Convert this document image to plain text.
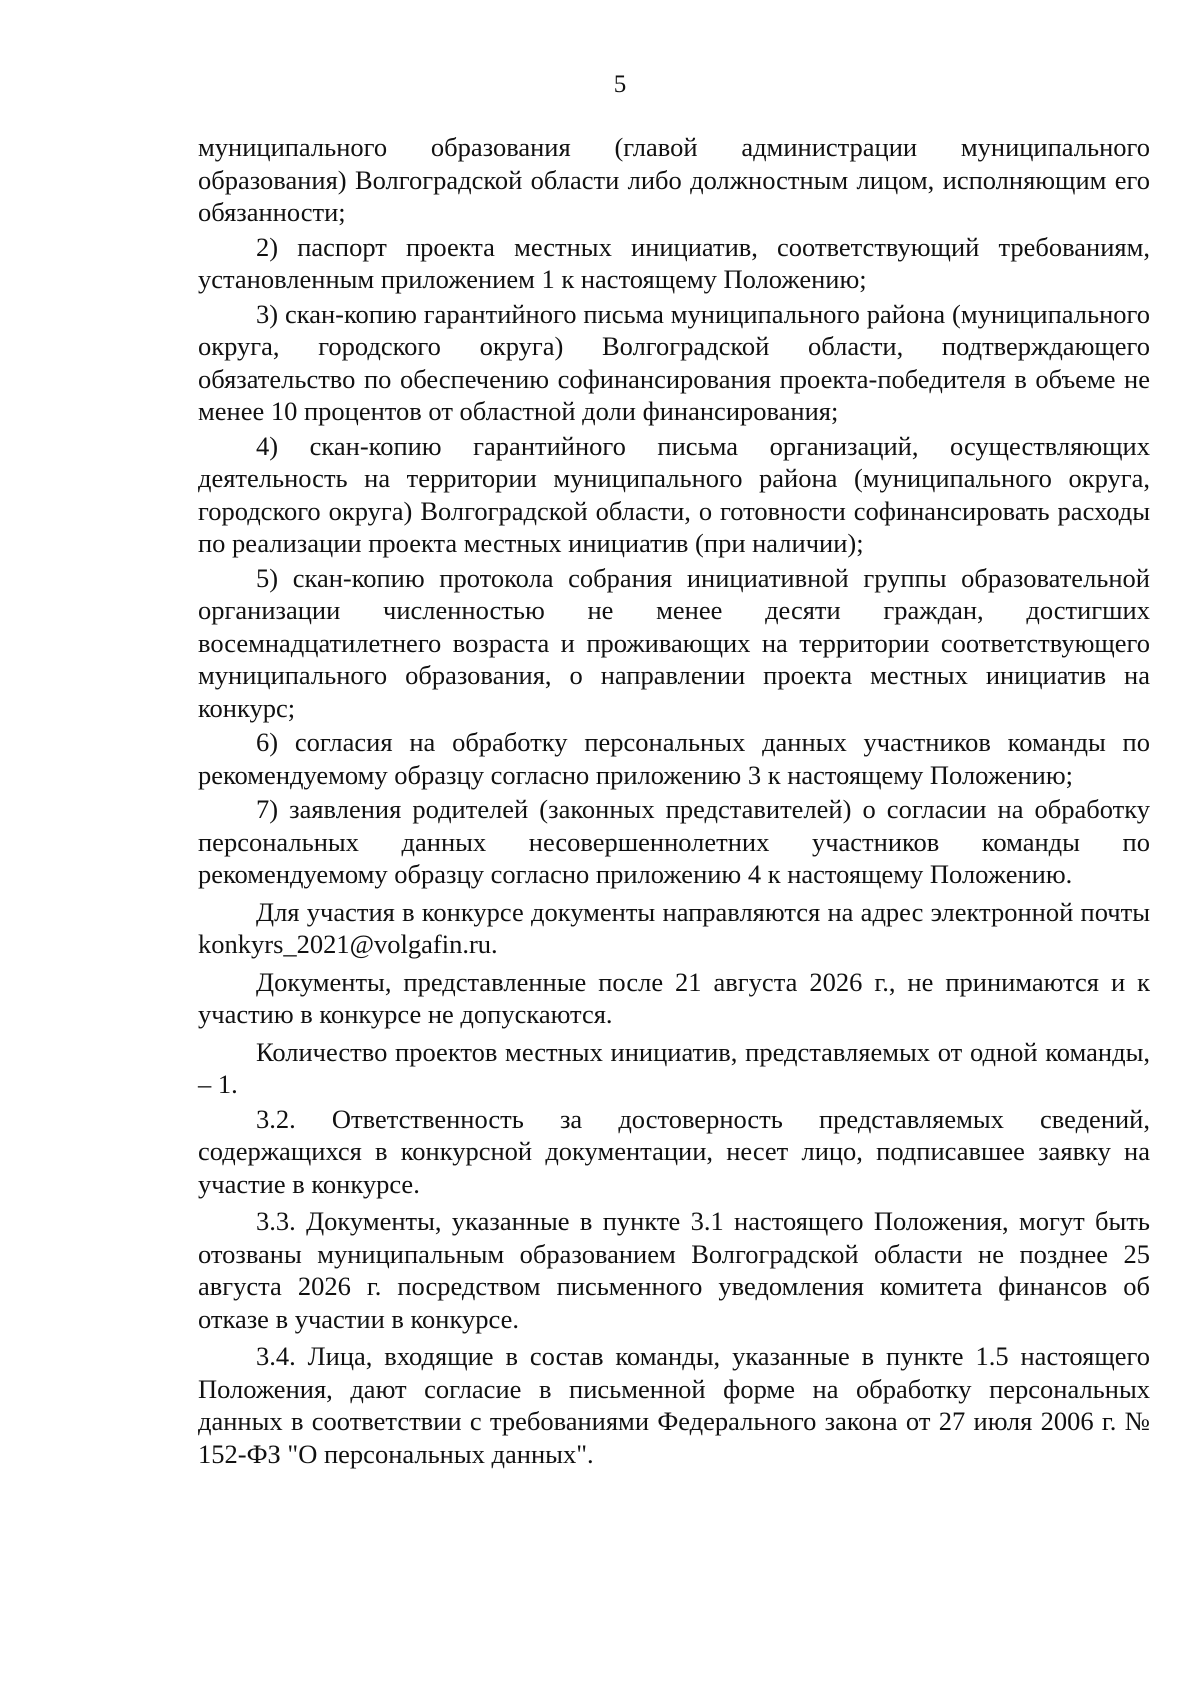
5

муниципального образования (главой администрации муниципального образования) Волгоградской области либо должностным лицом, исполняющим его обязанности;

2) паспорт проекта местных инициатив, соответствующий требованиям, установленным приложением 1 к настоящему Положению;

3) скан-копию гарантийного письма муниципального района (муниципального округа, городского округа) Волгоградской области, подтверждающего обязательство по обеспечению софинансирования проекта-победителя в объеме не менее 10 процентов от областной доли финансирования;

4) скан-копию гарантийного письма организаций, осуществляющих деятельность на территории муниципального района (муниципального округа, городского округа) Волгоградской области, о готовности софинансировать расходы по реализации проекта местных инициатив (при наличии);

5) скан-копию протокола собрания инициативной группы образовательной организации численностью не менее десяти граждан, достигших восемнадцатилетнего возраста и проживающих на территории соответствующего муниципального образования, о направлении проекта местных инициатив на конкурс;

6) согласия на обработку персональных данных участников команды по рекомендуемому образцу согласно приложению 3 к настоящему Положению;

7) заявления родителей (законных представителей) о согласии на обработку персональных данных несовершеннолетних участников команды по рекомендуемому образцу согласно приложению 4 к настоящему Положению.

Для участия в конкурсе документы направляются на адрес электронной почты konkyrs_2021@volgafin.ru.

Документы, представленные после 21 августа 2026 г., не принимаются и к участию в конкурсе не допускаются.

Количество проектов местных инициатив, представляемых от одной команды, – 1.

3.2. Ответственность за достоверность представляемых сведений, содержащихся в конкурсной документации, несет лицо, подписавшее заявку на участие в конкурсе.

3.3. Документы, указанные в пункте 3.1 настоящего Положения, могут быть отозваны муниципальным образованием Волгоградской области не позднее 25 августа 2026 г. посредством письменного уведомления комитета финансов об отказе в участии в конкурсе.

3.4. Лица, входящие в состав команды, указанные в пункте 1.5 настоящего Положения, дают согласие в письменной форме на обработку персональных данных в соответствии с требованиями Федерального закона от 27 июля 2006 г. № 152-ФЗ "О персональных данных".
